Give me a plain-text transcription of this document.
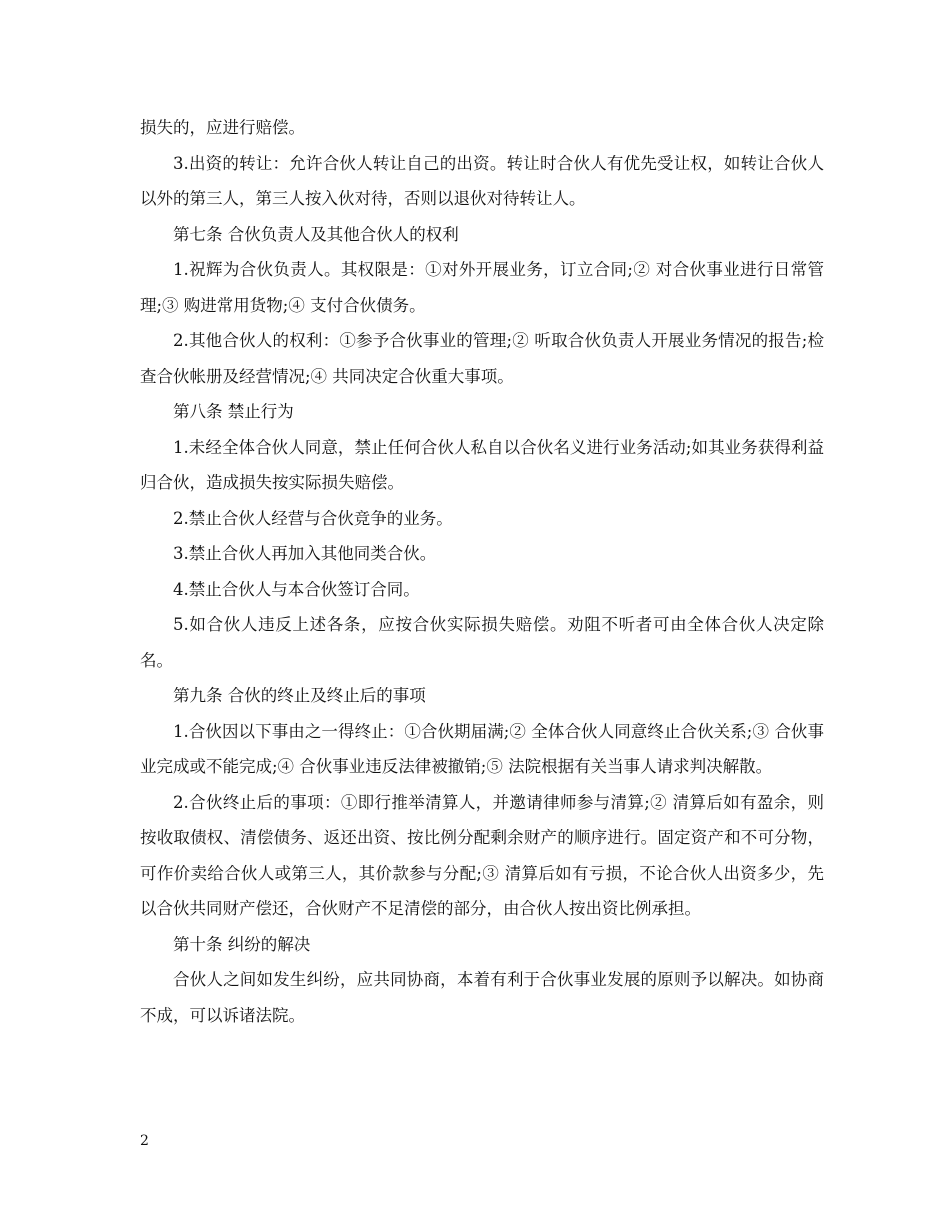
损失的，应进行赔偿。

3.出资的转让：允许合伙人转让自己的出资。转让时合伙人有优先受让权，如转让合伙人以外的第三人，第三人按入伙对待，否则以退伙对待转让人。

第七条 合伙负责人及其他合伙人的权利

1.祝辉为合伙负责人。其权限是：①对外开展业务，订立合同;② 对合伙事业进行日常管理;③ 购进常用货物;④ 支付合伙债务。

2.其他合伙人的权利：①参予合伙事业的管理;② 听取合伙负责人开展业务情况的报告;检查合伙帐册及经营情况;④ 共同决定合伙重大事项。

第八条 禁止行为

1.未经全体合伙人同意，禁止任何合伙人私自以合伙名义进行业务活动;如其业务获得利益归合伙，造成损失按实际损失赔偿。

2.禁止合伙人经营与合伙竞争的业务。

3.禁止合伙人再加入其他同类合伙。

4.禁止合伙人与本合伙签订合同。

5.如合伙人违反上述各条，应按合伙实际损失赔偿。劝阻不听者可由全体合伙人决定除名。

第九条 合伙的终止及终止后的事项

1.合伙因以下事由之一得终止：①合伙期届满;② 全体合伙人同意终止合伙关系;③ 合伙事业完成或不能完成;④ 合伙事业违反法律被撤销;⑤ 法院根据有关当事人请求判决解散。

2.合伙终止后的事项：①即行推举清算人，并邀请律师参与清算;② 清算后如有盈余，则按收取债权、清偿债务、返还出资、按比例分配剩余财产的顺序进行。固定资产和不可分物，可作价卖给合伙人或第三人，其价款参与分配;③ 清算后如有亏损，不论合伙人出资多少，先以合伙共同财产偿还，合伙财产不足清偿的部分，由合伙人按出资比例承担。

第十条 纠纷的解决

合伙人之间如发生纠纷，应共同协商，本着有利于合伙事业发展的原则予以解决。如协商不成，可以诉诸法院。

2
